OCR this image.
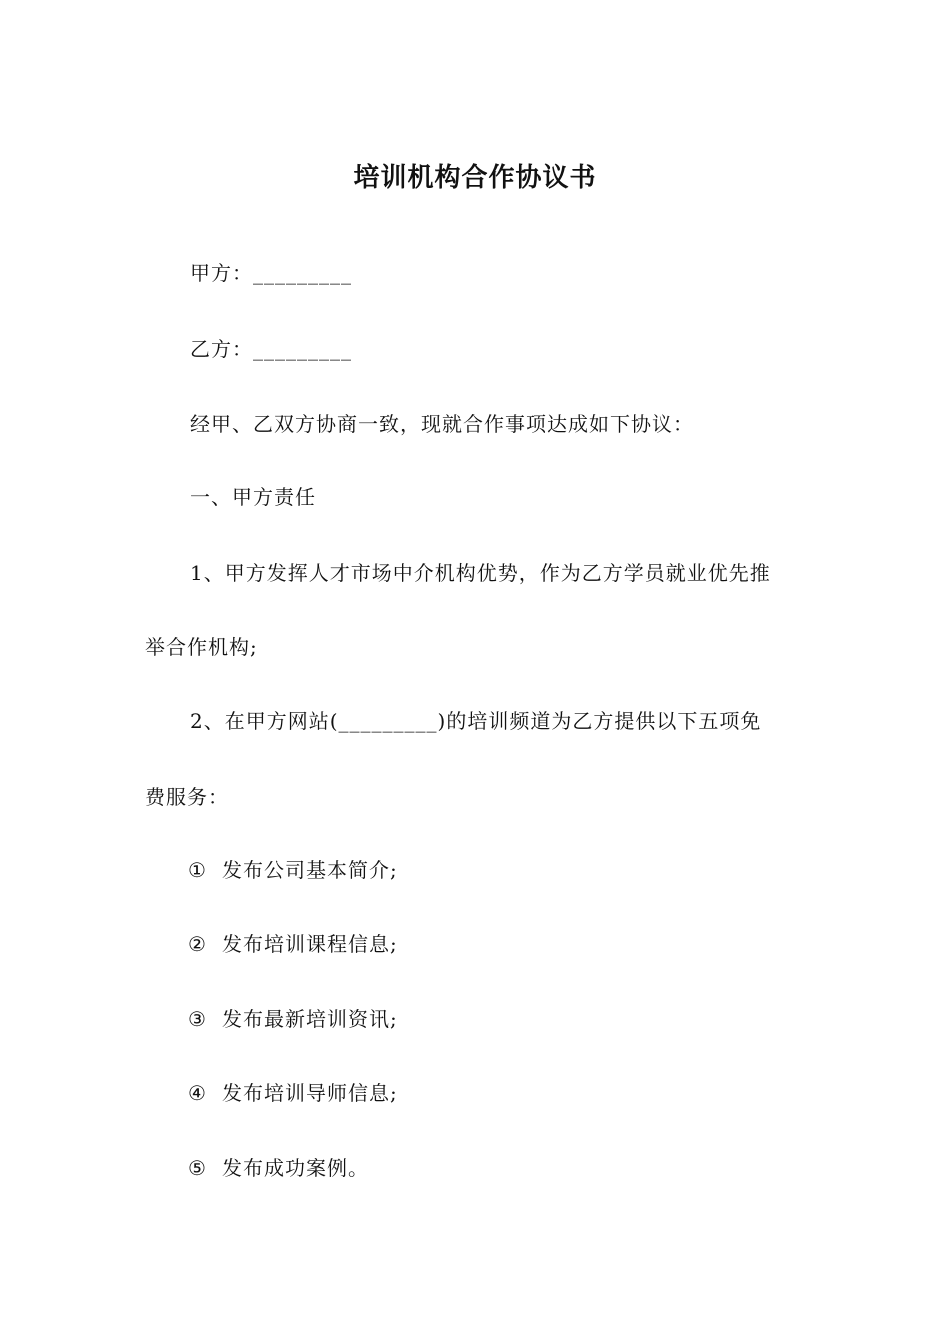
培训机构合作协议书
甲方：_________
乙方：_________
经甲、乙双方协商一致，现就合作事项达成如下协议：
一、甲方责任
1、甲方发挥人才市场中介机构优势，作为乙方学员就业优先推
举合作机构;
2、在甲方网站(_________)的培训频道为乙方提供以下五项免
费服务：
① 发布公司基本简介;
② 发布培训课程信息;
③ 发布最新培训资讯;
④ 发布培训导师信息;
⑤ 发布成功案例。
